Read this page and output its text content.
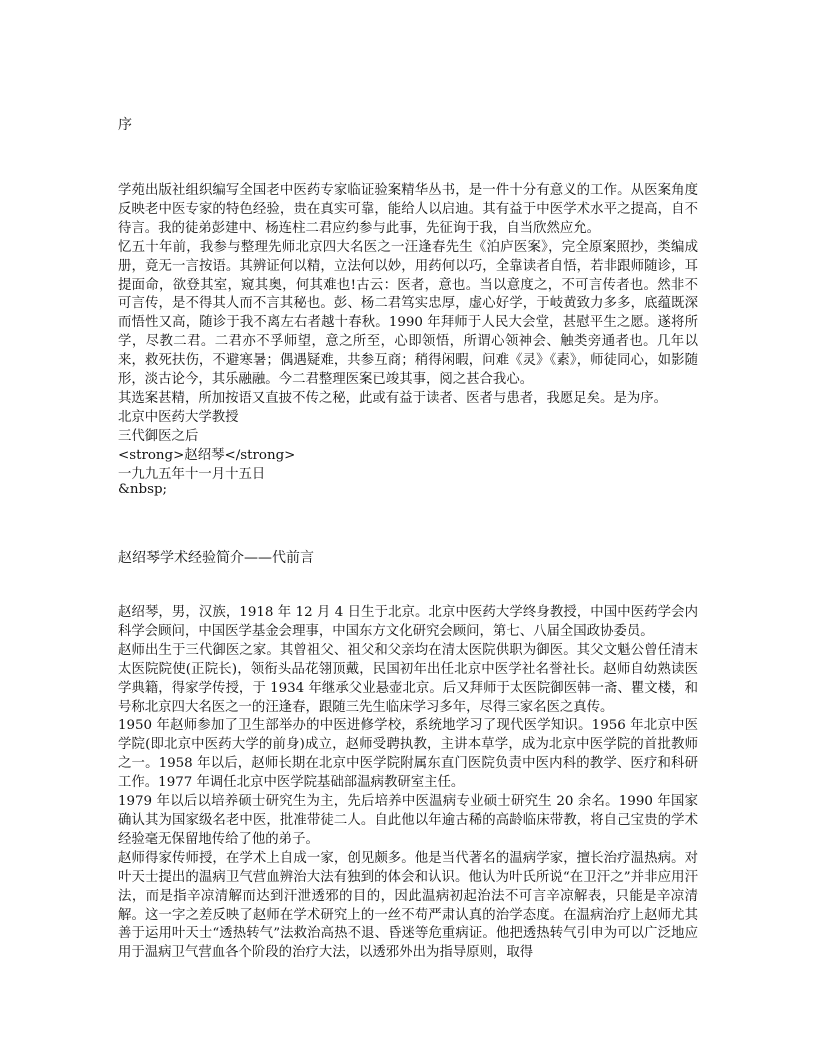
序

学苑出版社组织编写全国老中医药专家临证验案精华丛书，是一件十分有意义的工作。从医案角度反映老中医专家的特色经验，贵在真实可靠，能给人以启迪。其有益于中医学术水平之提高，自不待言。我的徒弟彭建中、杨连柱二君应约参与此事，先征询于我，自当欣然应允。

忆五十年前，我参与整理先师北京四大名医之一汪逢春先生《泊庐医案》，完全原案照抄，类编成册，竟无一言按语。其辨证何以精，立法何以妙，用药何以巧，全靠读者自悟，若非跟师随诊，耳提面命，欲登其室，窥其奥，何其难也!古云：医者，意也。当以意度之，不可言传者也。然非不可言传，是不得其人而不言其秘也。彭、杨二君笃实忠厚，虚心好学，于岐黄致力多多，底蕴既深而悟性又高，随诊于我不离左右者越十春秋。1990 年拜师于人民大会堂，甚慰平生之愿。遂将所学，尽教二君。二君亦不孚师望，意之所至，心即领悟，所谓心领神会、触类旁通者也。几年以来，救死扶伤，不避寒暑；偶遇疑难，共参互商；稍得闲暇，问难《灵》《素》，师徒同心，如影随形，淡古论今，其乐融融。今二君整理医案已竣其事，阅之甚合我心。

其选案甚精，所加按语又直披不传之秘，此或有益于读者、医者与患者，我愿足矣。是为序。

北京中医药大学教授

三代御医之后

<strong>赵绍琴</strong>

一九九五年十一月十五日

&nbsp;
赵绍琴学术经验简介——代前言

赵绍琴，男，汉族，1918 年 12 月 4 日生于北京。北京中医药大学终身教授，中国中医药学会内科学会顾问，中国医学基金会理事，中国东方文化研究会顾问，第七、八届全国政协委员。

赵师出生于三代御医之家。其曾祖父、祖父和父亲均在清太医院供职为御医。其父文魁公曾任清末太医院院使(正院长)，领衔头品花翎顶戴，民国初年出任北京中医学社名誉社长。赵师自幼熟读医学典籍，得家学传授，于 1934 年继承父业悬壶北京。后又拜师于太医院御医韩一斋、瞿文楼，和号称北京四大名医之一的汪逢春，跟随三先生临床学习多年，尽得三家名医之真传。

1950 年赵师参加了卫生部举办的中医进修学校，系统地学习了现代医学知识。1956 年北京中医学院(即北京中医药大学的前身)成立，赵师受聘执教，主讲本草学，成为北京中医学院的首批教师之一。1958 年以后，赵师长期在北京中医学院附属东直门医院负责中医内科的教学、医疗和科研工作。1977 年调任北京中医学院基础部温病教研室主任。

1979 年以后以培养硕士研究生为主，先后培养中医温病专业硕士研究生 20 余名。1990 年国家确认其为国家级名老中医，批准带徒二人。自此他以年逾古稀的高龄临床带教，将自己宝贵的学术经验毫无保留地传给了他的弟子。

赵师得家传师授，在学术上自成一家，创见颇多。他是当代著名的温病学家，擅长治疗温热病。对叶天士提出的温病卫气营血辨治大法有独到的体会和认识。他认为叶氏所说“在卫汗之”并非应用汗法，而是指辛凉清解而达到汗泄透邪的目的，因此温病初起治法不可言辛凉解表，只能是辛凉清解。这一字之差反映了赵师在学术研究上的一丝不苟严肃认真的治学态度。在温病治疗上赵师尤其善于运用叶天士“透热转气”法救治高热不退、昏迷等危重病证。他把透热转气引申为可以广泛地应用于温病卫气营血各个阶段的治疗大法，以透邪外出为指导原则，取得
